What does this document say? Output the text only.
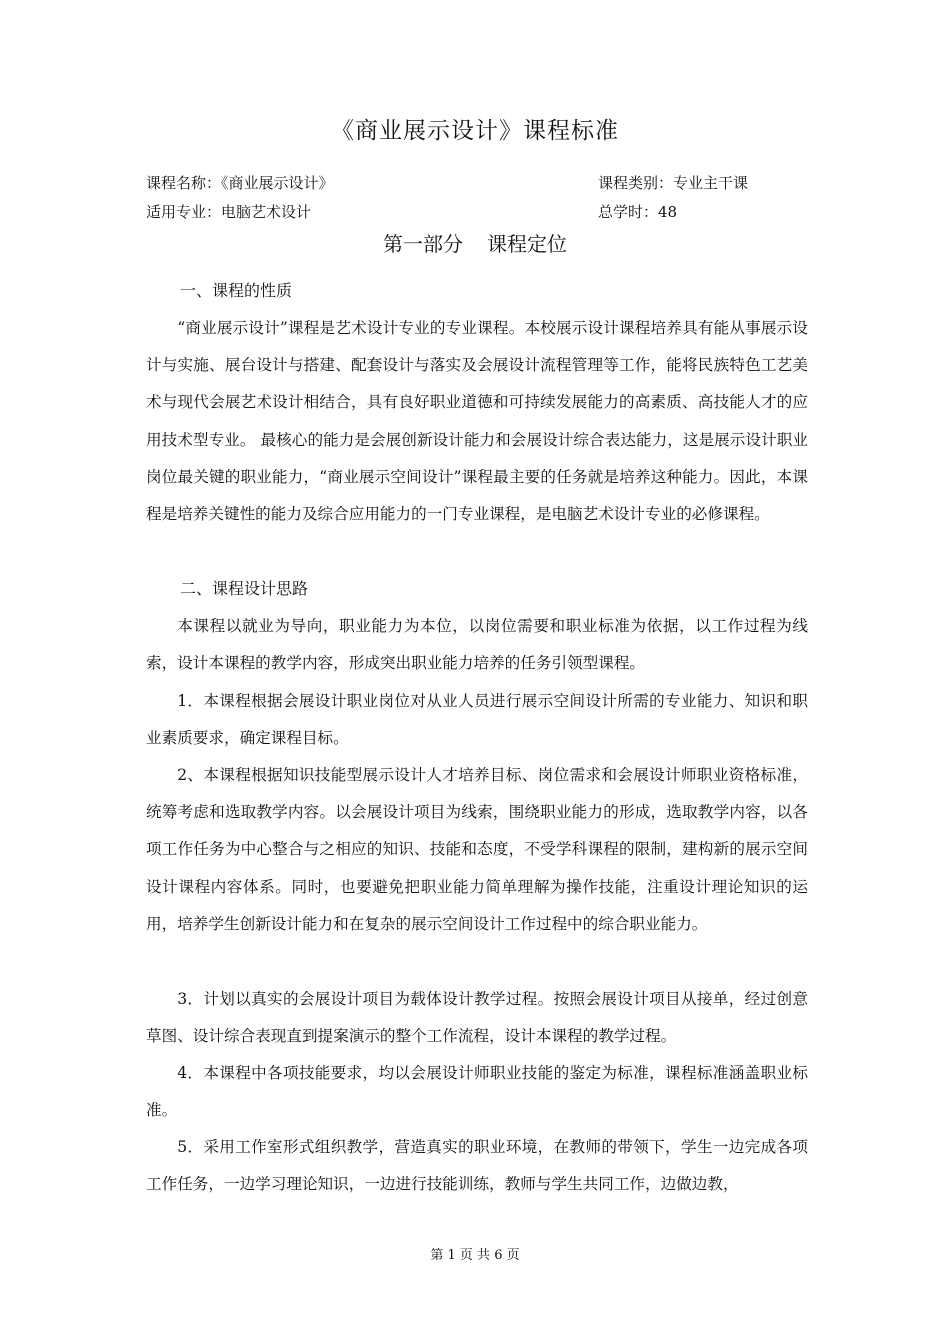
《商业展示设计》课程标准
课程名称：《商业展示设计》	课程类别：专业主干课
适用专业：电脑艺术设计	总学时：48
第一部分 课程定位
一、课程的性质

“商业展示设计”课程是艺术设计专业的专业课程。本校展示设计课程培养具有能从事展示设计与实施、展台设计与搭建、配套设计与落实及会展设计流程管理等工作，能将民族特色工艺美术与现代会展艺术设计相结合，具有良好职业道德和可持续发展能力的高素质、高技能人才的应用技术型专业。 最核心的能力是会展创新设计能力和会展设计综合表达能力，这是展示设计职业岗位最关键的职业能力，“商业展示空间设计”课程最主要的任务就是培养这种能力。因此，本课程是培养关键性的能力及综合应用能力的一门专业课程，是电脑艺术设计专业的必修课程。

二、课程设计思路

本课程以就业为导向，职业能力为本位，以岗位需要和职业标准为依据，以工作过程为线索，设计本课程的教学内容，形成突出职业能力培养的任务引领型课程。

1．本课程根据会展设计职业岗位对从业人员进行展示空间设计所需的专业能力、知识和职业素质要求，确定课程目标。

2、本课程根据知识技能型展示设计人才培养目标、岗位需求和会展设计师职业资格标准，统筹考虑和选取教学内容。以会展设计项目为线索，围绕职业能力的形成，选取教学内容，以各项工作任务为中心整合与之相应的知识、技能和态度，不受学科课程的限制，建构新的展示空间设计课程内容体系。同时，也要避免把职业能力简单理解为操作技能，注重设计理论知识的运用，培养学生创新设计能力和在复杂的展示空间设计工作过程中的综合职业能力。

3．计划以真实的会展设计项目为载体设计教学过程。按照会展设计项目从接单，经过创意草图、设计综合表现直到提案演示的整个工作流程，设计本课程的教学过程。

4．本课程中各项技能要求，均以会展设计师职业技能的鉴定为标准，课程标准涵盖职业标准。

5．采用工作室形式组织教学，营造真实的职业环境，在教师的带领下，学生一边完成各项工作任务，一边学习理论知识，一边进行技能训练，教师与学生共同工作，边做边教，

第 1 页 共 6 页
